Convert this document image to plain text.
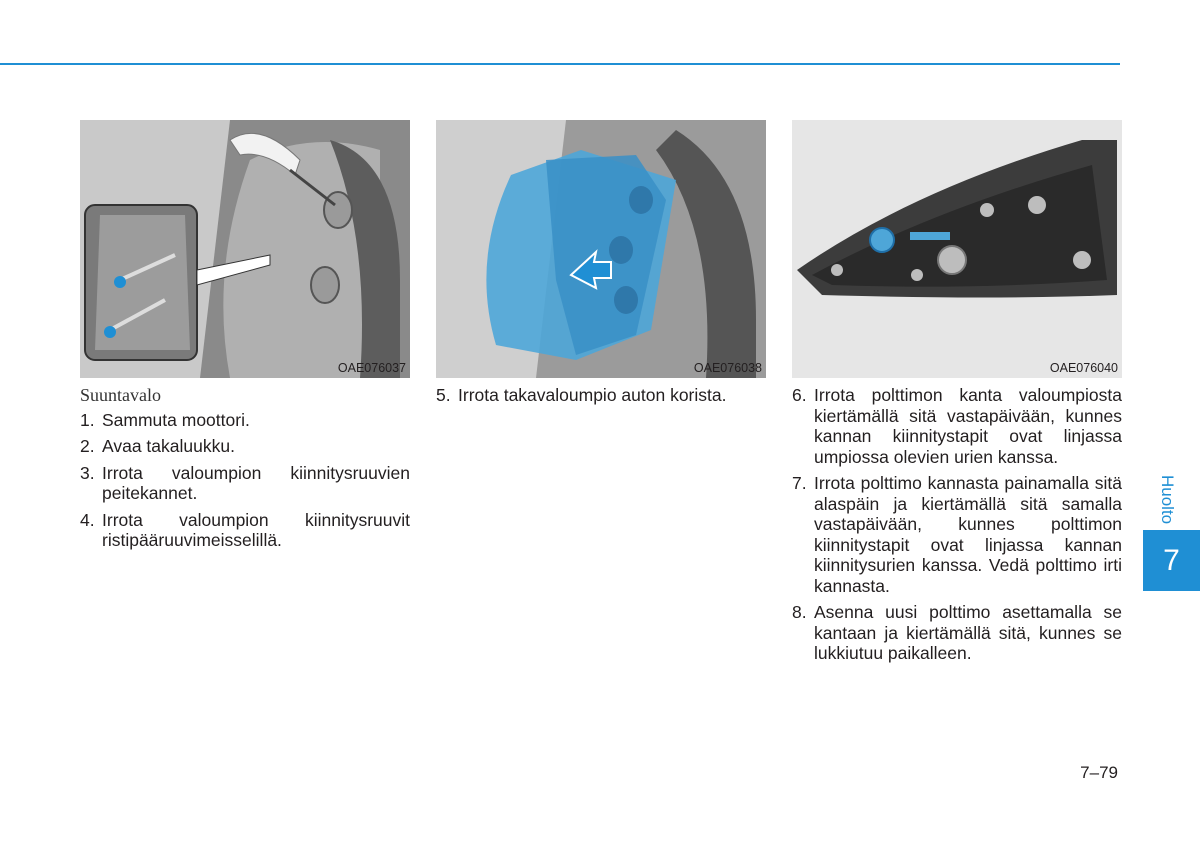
OAE076037	OAE076038	OAE076040
Suuntavalo
1. Sammuta moottori.
2. Avaa takaluukku.
3. Irrota valoumpion kiinnitysruuvien peitekannet.
4. Irrota valoumpion kiinnitysruuvit ristipääruuvimeisselillä.
5. Irrota takavaloumpio auton korista.	6. Irrota polttimon kanta valoumpiosta kiertämällä sitä vastapäivään, kunnes kannan kiinnitystapit ovat linjassa umpiossa olevien urien kanssa.
7. Irrota polttimo kannasta painamalla sitä alaspäin ja kiertämällä sitä samalla vastapäivään, kunnes polttimon kiinnitystapit ovat linjassa kannan kiinnitysurien kanssa. Vedä polttimo irti kannasta.
8. Asenna uusi polttimo asettamalla se kantaan ja kiertämällä sitä, kunnes se lukkiutuu paikalleen.
Huolto
7
7–79
